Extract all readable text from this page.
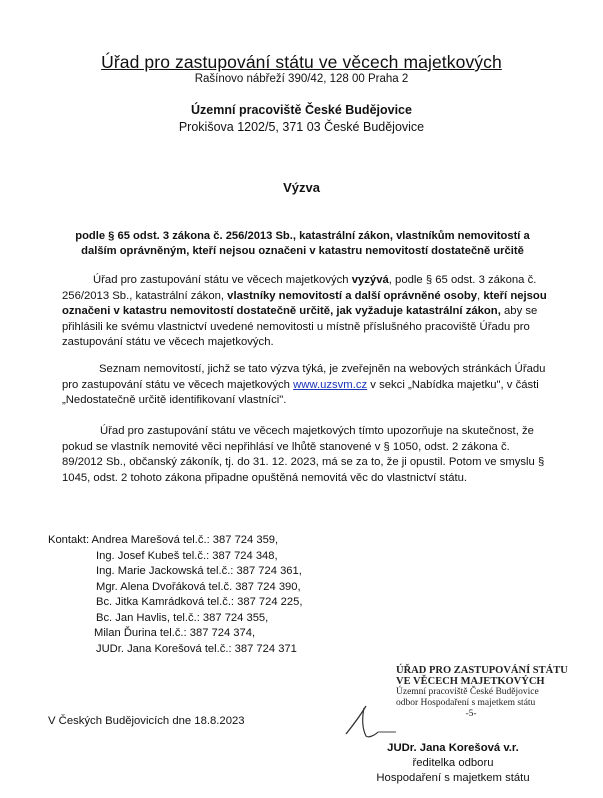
Úřad pro zastupování státu ve věcech majetkových
Rašínovo nábřeží 390/42, 128 00 Praha 2
Územní pracoviště České Budějovice
Prokišova 1202/5, 371 03 České Budějovice
Výzva
podle § 65 odst. 3 zákona č. 256/2013 Sb., katastrální zákon, vlastníkům nemovitostí a dalším oprávněným, kteří nejsou označeni v katastru nemovitostí dostatečně určitě
Úřad pro zastupování státu ve věcech majetkových vyzývá, podle § 65 odst. 3 zákona č. 256/2013 Sb., katastrální zákon, vlastníky nemovitostí a další oprávněné osoby, kteří nejsou označeni v katastru nemovitostí dostatečně určitě, jak vyžaduje katastrální zákon, aby se přihlásili ke svému vlastnictví uvedené nemovitosti u místně příslušného pracoviště Úřadu pro zastupování státu ve věcech majetkových.
Seznam nemovitostí, jichž se tato výzva týká, je zveřejněn na webových stránkách Úřadu pro zastupování státu ve věcech majetkových www.uzsvm.cz v sekci „Nabídka majetku", v části „Nedostatečně určitě identifikovaní vlastníci".
Úřad pro zastupování státu ve věcech majetkových tímto upozorňuje na skutečnost, že pokud se vlastník nemovité věci nepřihlásí ve lhůtě stanovené v § 1050, odst. 2 zákona č. 89/2012 Sb., občanský zákoník, tj. do 31. 12. 2023, má se za to, že ji opustil. Potom ve smyslu § 1045, odst. 2 tohoto zákona připadne opuštěná nemovitá věc do vlastnictví státu.
Kontakt: Andrea Marešová tel.č.: 387 724 359,
Ing. Josef Kubeš tel.č.: 387 724 348,
Ing. Marie Jackowská tel.č.: 387 724 361,
Mgr. Alena Dvořáková tel.č. 387 724 390,
Bc. Jitka Kamrádková tel.č.: 387 724 225,
Bc. Jan Havlis, tel.č.: 387 724 355,
Milan Ďurina tel.č.: 387 724 374,
JUDr. Jana Korešová tel.č.: 387 724 371
ÚŘAD PRO ZASTUPOVÁNÍ STÁTU
VE VĚCECH MAJETKOVÝCH
Územní pracoviště České Budějovice
odbor Hospodaření s majetkem státu
-5-
V Českých Budějovicích dne 18.8.2023
JUDr. Jana Korešová v.r.
ředitelka odboru
Hospodaření s majetkem státu
